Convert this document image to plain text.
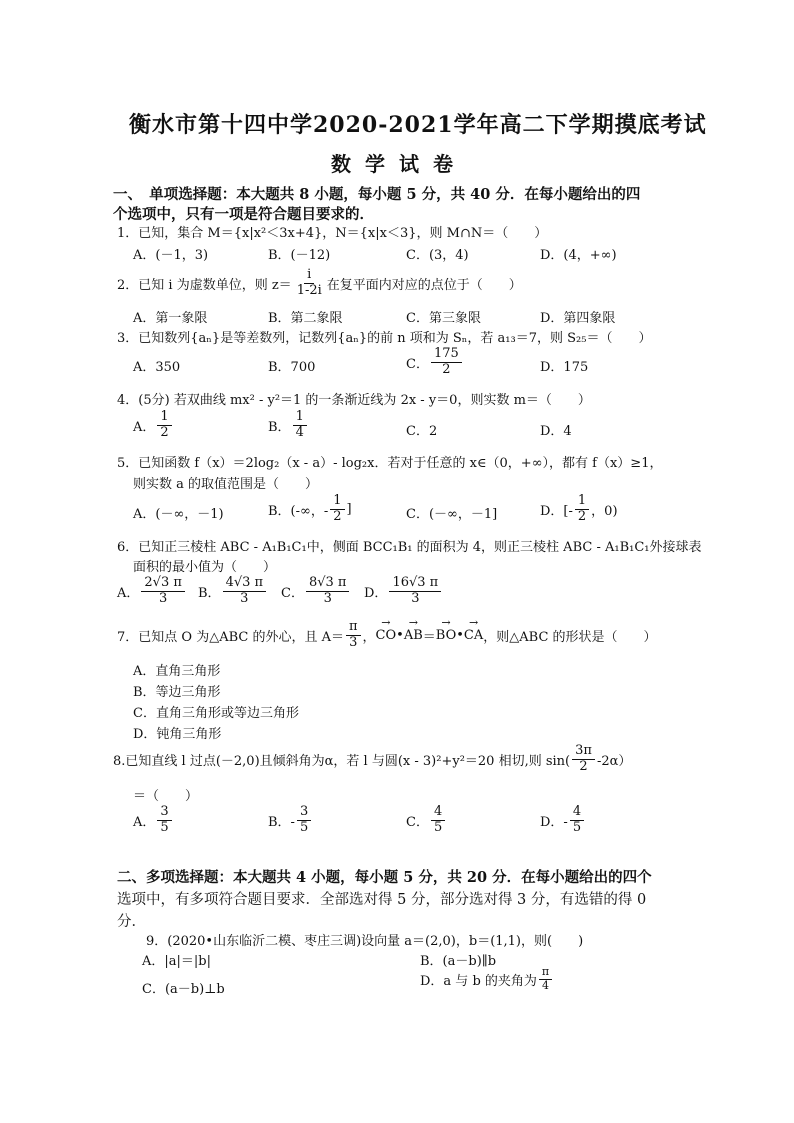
衡水市第十四中学2020-2021学年高二下学期摸底考试
数学试卷
一、　单项选择题：本大题共 8 小题，每小题 5 分，共 40 分．在每小题给出的四
个选项中，只有一项是符合题目要求的．
1．已知，集合 M＝{x|x²＜3x+4}，N＝{x|x＜3}，则 M∩N＝（　　）
A．(－1，3)	B．(－12)	C．(3，4)	D．(4，+∞)
2．已知 i 为虚数单位，则 $z= \frac{i}{1-2i}$ 在复平面内对应的点位于（　　）
A．第一象限	B．第二象限	C．第三象限	D．第四象限
3．已知数列{aₙ}是等差数列，记数列{aₙ}的前 n 项和为 Sₙ，若 a₁₃＝7，则 S₂₅＝（　　）
A．350	B．700	C． $\frac{175}{2}$	D．175
4．(5分) 若双曲线 mx² - y²＝1 的一条渐近线为 2x - y＝0，则实数 m＝（　　）
A． $\frac{1}{2}$	B． $\frac{1}{4}$	C．2	D．4
5．已知函数 f（x）＝2log₂（x - a）- log₂x．若对于任意的 x∈（0，+∞），都有 f（x）≥1，
则实数 a 的取值范围是（　　）
A．(－∞，－1)	B．(-∞，- $\frac{1}{2}$ ]	C．(－∞，－1]	D．[- $\frac{1}{2}$ ，0)
6．已知正三棱柱 ABC - A₁B₁C₁中，侧面 BCC₁B₁ 的面积为 4，则正三棱柱 ABC - A₁B₁C₁外接球表
面积的最小值为（　　）
A． $\frac{2√3 \pi}{3}$ B． $\frac{4√3 \pi}{3}$ C． $\frac{8√3 \pi}{3}$ D． $\frac{16√3 \pi}{3}$
7．已知点 O 为△ABC 的外心，且 $A= \frac{\pi}{3}$ ， → CO • → AB ＝ → BO • → CA ，则△ABC 的形状是（　　）
A．直角三角形
B．等边三角形
C．直角三角形或等边三角形
D．钝角三角形
8.已知直线 l 过点(－2,0)且倾斜角为α，若 l 与圆(x - 3)²+y²＝20 相切,则 $\sin( \frac{3\pi}{2} -2\alpha)$
＝（　　）
A． $\frac{3}{5}$	B．- $\frac{3}{5}$	C． $\frac{4}{5}$	D．- $\frac{4}{5}$
二、多项选择题：本大题共 4 小题，每小题 5 分，共 20 分．在每小题给出的四个
选项中，有多项符合题目要求．全部选对得 5 分，部分选对得 3 分，有选错的得 0
分．
9．(2020•山东临沂二模、枣庄三调)设向量 a＝(2,0)，b＝(1,1)，则(　　)
A．|a|＝|b|	B．(a－b)∥b
C．(a－b)⊥b
D．a 与 b 的夹角为 $\frac{\pi}{4}$
